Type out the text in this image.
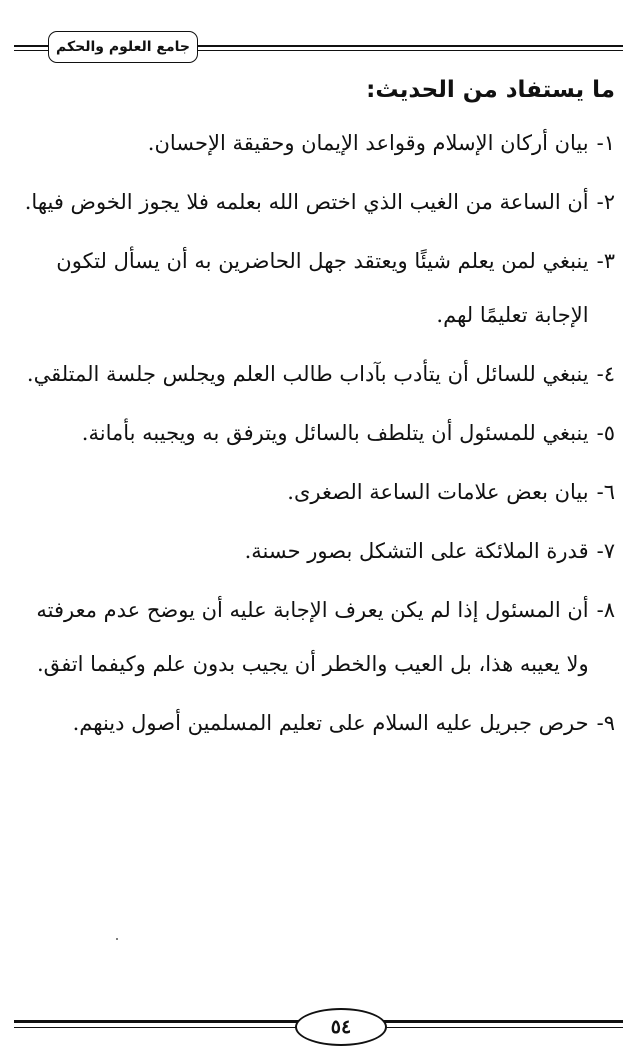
جامع العلوم والحكم
ما يستفاد من الحديث:
١-
بيان أركان الإسلام وقواعد الإيمان وحقيقة الإحسان.
٢-
أن الساعة من الغيب الذي اختص الله بعلمه فلا يجوز الخوض فيها.
٣-
ينبغي لمن يعلم شيئًا ويعتقد جهل الحاضرين به أن يسأل لتكون الإجابة تعليمًا لهم.
٤-
ينبغي للسائل أن يتأدب بآداب طالب العلم ويجلس جلسة المتلقي.
٥-
ينبغي للمسئول أن يتلطف بالسائل ويترفق به ويجيبه بأمانة.
٦-
بيان بعض علامات الساعة الصغرى.
٧-
قدرة الملائكة على التشكل بصور حسنة.
٨-
أن المسئول إذا لم يكن يعرف الإجابة عليه أن يوضح عدم معرفته ولا يعيبه هذا، بل العيب والخطر أن يجيب بدون علم وكيفما اتفق.
٩-
حرص جبريل عليه السلام على تعليم المسلمين أصول دينهم.
٥٤
